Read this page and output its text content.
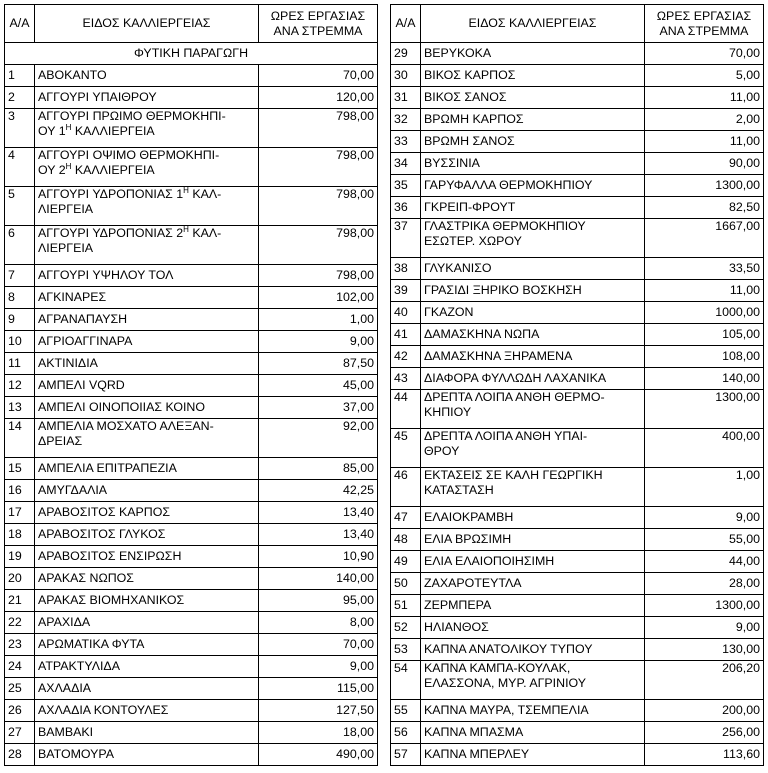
Α/Α	ΕΙΔΟΣ ΚΑΛΛΙΕΡΓΕΙΑΣ	ΩΡΕΣ ΕΡΓΑΣΙΑΣ
ΑΝΑ ΣΤΡΕΜΜΑ
ΦΥΤΙΚΗ ΠΑΡΑΓΩΓΗ		
1	ΑΒΟΚΑΝΤΟ	70,00
2	ΑΓΓΟΥΡΙ ΥΠΑΙΘΡΟΥ	120,00
3	ΑΓΓΟΥΡΙ ΠΡΩΙΜΟ ΘΕΡΜΟΚΗΠΙ-
ΟΥ $1^H$ ΚΑΛΛΙΕΡΓΕΙΑ	798,00
4	ΑΓΓΟΥΡΙ ΟΨΙΜΟ ΘΕΡΜΟΚΗΠΙ-
ΟΥ $2^H$ ΚΑΛΛΙΕΡΓΕΙΑ	798,00
5	ΑΓΓΟΥΡΙ ΥΔΡΟΠΟΝΙΑΣ $1^H$ ΚΑΛ-
ΛΙΕΡΓΕΙΑ	798,00
6	ΑΓΓΟΥΡΙ ΥΔΡΟΠΟΝΙΑΣ $2^H$ ΚΑΛ-
ΛΙΕΡΓΕΙΑ	798,00
7	ΑΓΓΟΥΡΙ ΥΨΗΛΟΥ ΤΟΛ	798,00
8	ΑΓΚΙΝΑΡΕΣ	102,00
9	ΑΓΡΑΝΑΠΑΥΣΗ	1,00
10	ΑΓΡΙΟΑΓΓΙΝΑΡΑ	9,00
11	ΑΚΤΙΝΙΔΙΑ	87,50
12	ΑΜΠΕΛΙ VQRD	45,00
13	ΑΜΠΕΛΙ ΟΙΝΟΠΟΙΙΑΣ ΚΟΙΝΟ	37,00
14	ΑΜΠΕΛΙΑ ΜΟΣΧΑΤΟ ΑΛΕΞΑΝ-
ΔΡΕΙΑΣ	92,00
15	ΑΜΠΕΛΙΑ ΕΠΙΤΡΑΠΕΖΙΑ	85,00
16	ΑΜΥΓΔΑΛΙΑ	42,25
17	ΑΡΑΒΟΣΙΤΟΣ ΚΑΡΠΟΣ	13,40
18	ΑΡΑΒΟΣΙΤΟΣ ΓΛΥΚΟΣ	13,40
19	ΑΡΑΒΟΣΙΤΟΣ ΕΝΣΙΡΩΣΗ	10,90
20	ΑΡΑΚΑΣ ΝΩΠΟΣ	140,00
21	ΑΡΑΚΑΣ ΒΙΟΜΗΧΑΝΙΚΟΣ	95,00
22	ΑΡΑΧΙΔΑ	8,00
23	ΑΡΩΜΑΤΙΚΑ ΦΥΤΑ	70,00
24	ΑΤΡΑΚΤΥΛΙΔΑ	9,00
25	ΑΧΛΑΔΙΑ	115,00
26	ΑΧΛΑΔΙΑ ΚΟΝΤΟΥΛΕΣ	127,50
27	ΒΑΜΒΑΚΙ	18,00
28	ΒΑΤΟΜΟΥΡΑ	490,00
Α/Α	ΕΙΔΟΣ ΚΑΛΛΙΕΡΓΕΙΑΣ	ΩΡΕΣ ΕΡΓΑΣΙΑΣ
ΑΝΑ ΣΤΡΕΜΜΑ
29	ΒΕΡΥΚΟΚΑ	70,00
30	ΒΙΚΟΣ ΚΑΡΠΟΣ	5,00
31	ΒΙΚΟΣ ΣΑΝΟΣ	11,00
32	ΒΡΩΜΗ ΚΑΡΠΟΣ	2,00
33	ΒΡΩΜΗ ΣΑΝΟΣ	11,00
34	ΒΥΣΣΙΝΙΑ	90,00
35	ΓΑΡΥΦΑΛΛΑ ΘΕΡΜΟΚΗΠΙΟΥ	1300,00
36	ΓΚΡΕΙΠ-ΦΡΟΥΤ	82,50
37	ΓΛΑΣΤΡΙΚΑ ΘΕΡΜΟΚΗΠΙΟΥ
ΕΣΩΤΕΡ. ΧΩΡΟΥ	1667,00
38	ΓΛΥΚΑΝΙΣΟ	33,50
39	ΓΡΑΣΙΔΙ ΞΗΡΙΚΟ ΒΟΣΚΗΣΗ	11,00
40	ΓΚΑΖΟΝ	1000,00
41	ΔΑΜΑΣΚΗΝΑ ΝΩΠΑ	105,00
42	ΔΑΜΑΣΚΗΝΑ ΞΗΡΑΜΕΝΑ	108,00
43	ΔΙΑΦΟΡΑ ΦΥΛΛΩΔΗ ΛΑΧΑΝΙΚΑ	140,00
44	ΔΡΕΠΤΑ ΛΟΙΠΑ ΑΝΘΗ ΘΕΡΜΟ-
ΚΗΠΙΟΥ	1300,00
45	ΔΡΕΠΤΑ ΛΟΙΠΑ ΑΝΘΗ ΥΠΑΙ-
ΘΡΟΥ	400,00
46	ΕΚΤΑΣΕΙΣ ΣΕ ΚΑΛΗ ΓΕΩΡΓΙΚΗ
ΚΑΤΑΣΤΑΣΗ	1,00
47	ΕΛΑΙΟΚΡΑΜΒΗ	9,00
48	ΕΛΙΑ ΒΡΩΣΙΜΗ	55,00
49	ΕΛΙΑ ΕΛΑΙΟΠΟΙΗΣΙΜΗ	44,00
50	ΖΑΧΑΡΟΤΕΥΤΛΑ	28,00
51	ΖΕΡΜΠΕΡΑ	1300,00
52	ΗΛΙΑΝΘΟΣ	9,00
53	ΚΑΠΝΑ ΑΝΑΤΟΛΙΚΟΥ ΤΥΠΟΥ	130,00
54	ΚΑΠΝΑ ΚΑΜΠΑ-ΚΟΥΛΑΚ,
ΕΛΑΣΣΟΝΑ, ΜΥΡ. ΑΓΡΙΝΙΟΥ	206,20
55	ΚΑΠΝΑ ΜΑΥΡΑ, ΤΣΕΜΠΕΛΙΑ	200,00
56	ΚΑΠΝΑ ΜΠΑΣΜΑ	256,00
57	ΚΑΠΝΑ ΜΠΕΡΛΕΥ	113,60
